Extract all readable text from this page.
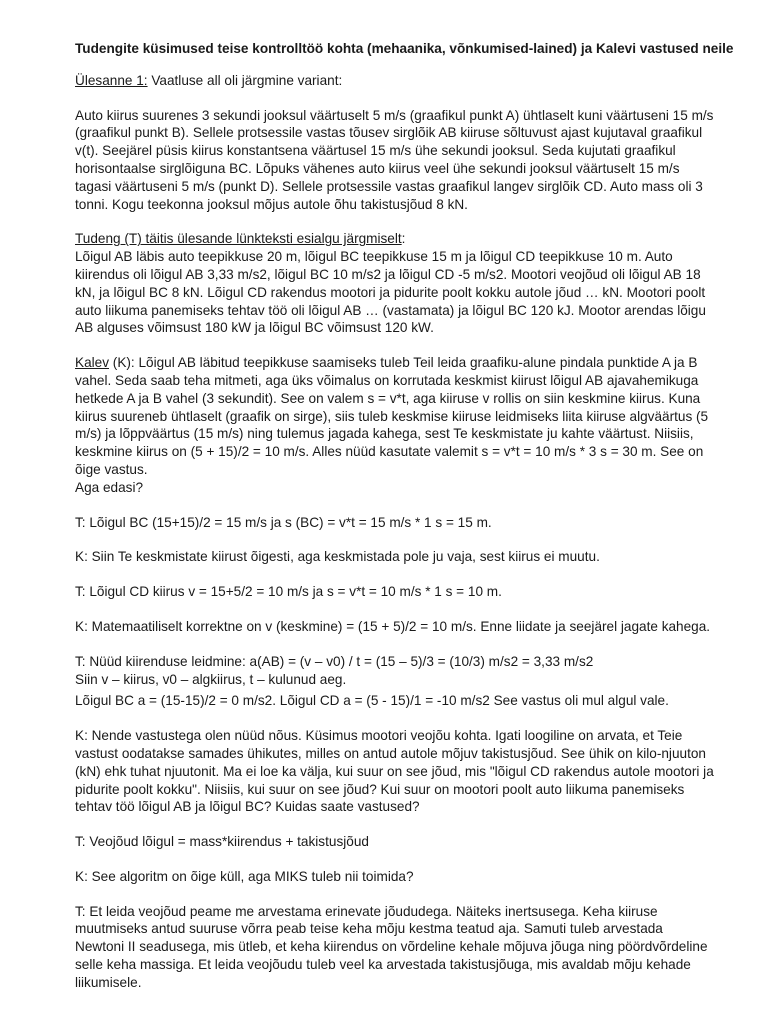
Tudengite küsimused teise kontrolltöö kohta (mehaanika, võnkumised-lained) ja Kalevi vastused neile

Ülesanne 1: Vaatluse all oli järgmine variant:

Auto kiirus suurenes 3 sekundi jooksul väärtuselt 5 m/s (graafikul punkt A) ühtlaselt kuni väärtuseni 15 m/s (graafikul punkt B). Sellele protsessile vastas tõusev sirglõik AB kiiruse sõltuvust ajast kujutaval graafikul v(t). Seejärel püsis kiirus konstantsena väärtusel 15 m/s ühe sekundi jooksul. Seda kujutati graafikul horisontaalse sirglõiguna BC. Lõpuks vähenes auto kiirus veel ühe sekundi jooksul väärtuselt 15 m/s tagasi väärtuseni 5 m/s (punkt D). Sellele protsessile vastas graafikul langev sirglõik CD. Auto mass oli 3 tonni. Kogu teekonna jooksul mõjus autole õhu takistusjõud 8 kN.

Tudeng (T) täitis ülesande lünkteksti esialgu järgmiselt:

Lõigul AB läbis auto teepikkuse 20 m, lõigul BC teepikkuse 15 m ja lõigul CD teepikkuse 10 m. Auto kiirendus oli lõigul AB 3,33 m/s2, lõigul BC 10 m/s2 ja lõigul CD -5 m/s2. Mootori veojõud oli lõigul AB 18 kN, ja lõigul BC 8 kN. Lõigul CD rakendus mootori ja pidurite poolt kokku autole jõud … kN. Mootori poolt auto liikuma panemiseks tehtav töö oli lõigul AB … (vastamata) ja lõigul BC 120 kJ. Mootor arendas lõigu AB alguses võimsust 180 kW ja lõigul BC võimsust 120 kW.

Kalev (K): Lõigul AB läbitud teepikkuse saamiseks tuleb Teil leida graafiku-alune pindala punktide A ja B vahel. Seda saab teha mitmeti, aga üks võimalus on korrutada keskmist kiirust lõigul AB ajavahemikuga hetkede A ja B vahel (3 sekundit). See on valem s = v*t, aga kiiruse v rollis on siin keskmine kiirus. Kuna kiirus suureneb ühtlaselt (graafik on sirge), siis tuleb keskmise kiiruse leidmiseks liita kiiruse algväärtus (5 m/s) ja lõppväärtus (15 m/s) ning tulemus jagada kahega, sest Te keskmistate ju kahte väärtust. Niisiis, keskmine kiirus on (5 + 15)/2 = 10 m/s. Alles nüüd kasutate valemit s = v*t = 10 m/s * 3 s = 30 m. See on õige vastus.

Aga edasi?

T: Lõigul BC (15+15)/2 = 15 m/s ja s (BC) = v*t = 15 m/s * 1 s = 15 m.

K: Siin Te keskmistate kiirust õigesti, aga keskmistada pole ju vaja, sest kiirus ei muutu.

T: Lõigul CD kiirus v = 15+5/2 = 10 m/s ja s = v*t = 10 m/s * 1 s = 10 m.

K: Matemaatiliselt korrektne on v (keskmine) = (15 + 5)/2 = 10 m/s. Enne liidate ja seejärel jagate kahega.

T: Nüüd kiirenduse leidmine: a(AB) = (v – v0) / t = (15 – 5)/3 = (10/3) m/s2 = 3,33 m/s2

Siin v – kiirus, v0 – algkiirus, t – kulunud aeg.

Lõigul BC a = (15-15)/2 = 0 m/s2. Lõigul CD a = (5 - 15)/1 = -10 m/s2 See vastus oli mul algul vale.

K: Nende vastustega olen nüüd nõus. Küsimus mootori veojõu kohta. Igati loogiline on arvata, et Teie vastust oodatakse samades ühikutes, milles on antud autole mõjuv takistusjõud. See ühik on kilo-njuuton (kN) ehk tuhat njuutonit. Ma ei loe ka välja, kui suur on see jõud, mis "lõigul CD rakendus autole mootori ja pidurite poolt kokku". Niisiis, kui suur on see jõud? Kui suur on mootori poolt auto liikuma panemiseks tehtav töö lõigul AB ja lõigul BC? Kuidas saate vastused?

T: Veojõud lõigul = mass*kiirendus + takistusjõud

K: See algoritm on õige küll, aga MIKS tuleb nii toimida?

T: Et leida veojõud peame me arvestama erinevate jõududega. Näiteks inertsusega. Keha kiiruse muutmiseks antud suuruse võrra peab teise keha mõju kestma teatud aja. Samuti tuleb arvestada Newtoni II seadusega, mis ütleb, et keha kiirendus on võrdeline kehale mõjuva jõuga ning pöördvõrdeline selle keha massiga. Et leida veojõudu tuleb veel ka arvestada takistusjõuga, mis avaldab mõju kehade liikumisele.
